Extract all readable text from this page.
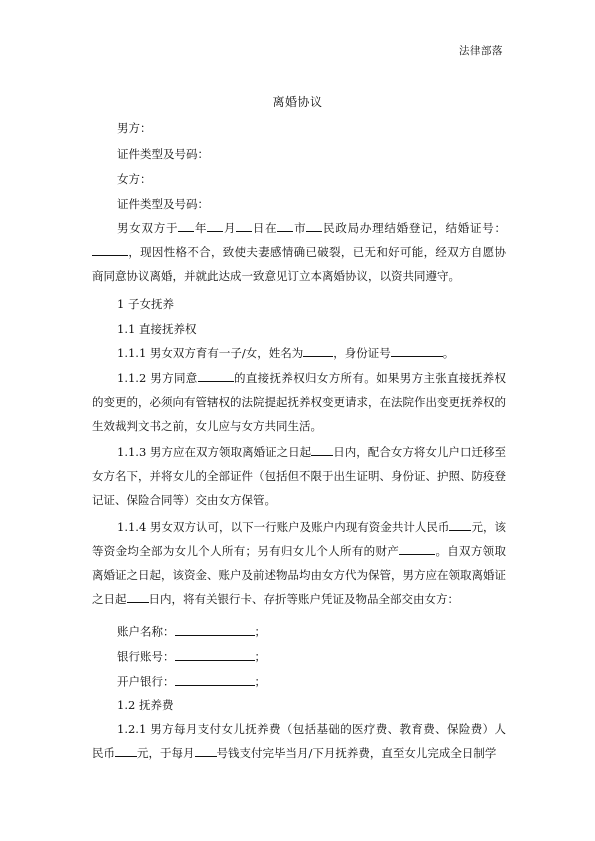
法律部落
离婚协议
男方：
证件类型及号码：
女方：
证件类型及号码：
男女双方于 年 月 日在 市 民政局办理结婚登记，结婚证号：，现因性格不合，致使夫妻感情确已破裂，已无和好可能，经双方自愿协商同意协议离婚，并就此达成一致意见订立本离婚协议，以资共同遵守。
1 子女抚养
1.1 直接抚养权
1.1.1 男女双方育有一子/女，姓名为	，身份证号	。
1.1.2 男方同意	的直接抚养权归女方所有。如果男方主张直接抚养权的变更的，必须向有管辖权的法院提起抚养权变更请求，在法院作出变更抚养权的生效裁判文书之前，女儿应与女方共同生活。
1.1.3 男方应在双方领取离婚证之日起 日内，配合女方将女儿户口迁移至女方名下，并将女儿的全部证件（包括但不限于出生证明、身份证、护照、防疫登记证、保险合同等）交由女方保管。
1.1.4 男女双方认可，以下一行账户及账户内现有资金共计人民币 元，该等资金均全部为女儿个人所有；另有归女儿个人所有的财产	。自双方领取离婚证之日起，该资金、账户及前述物品均由女方代为保管，男方应在领取离婚证之日起 日内，将有关银行卡、存折等账户凭证及物品全部交由女方：
账户名称：	；
银行账号：	；
开户银行：	；
1.2 抚养费
1.2.1 男方每月支付女儿抚养费（包括基础的医疗费、教育费、保险费）人民币 元，于每月 号钱支付完毕当月/下月抚养费，直至女儿完成全日制学
